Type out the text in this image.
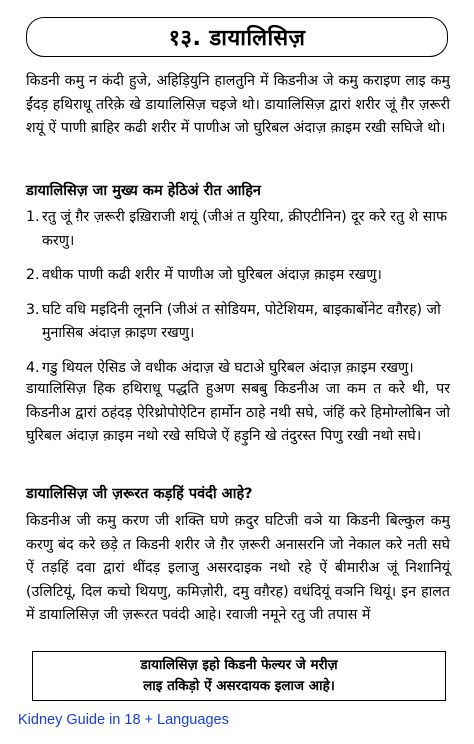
१३. डायालिसिज़

किडनी कमु न कंदी हुजे, अहिड़ियुनि हालतुनि में किडनीअ जे कमु कराइण लाइ कमु ईंदड़ हथिराधू तरिक़े खे डायालिसिज़ चइजे थो। डायालिसिज़ द्वारां शरीर जूं ग़ैर ज़रूरी शयूं ऐं पाणी ब़ाहिर कढी शरीर में पाणीअ जो घुरिबल अंदाज़ क़ाइम रखी सघिजे थो।

डायालिसिज़ जा मुख्य कम हेठिअं रीत आहिन
1. रतु जूं ग़ैर ज़रूरी इख़िराजी शयूं (जीअं त युरिया, क्रीएटीनिन) दूर करे रतु शे साफ करणु।
2. वधीक पाणी कढी शरीर में पाणीअ जो घुरिबल अंदाज़ क़ाइम रखणु।
3. घटि वधि मइदिनी लूननि (जीअं त सोडियम, पोटेशियम, बाइकार्बोनेट वग़ैरह) जो मुनासिब अंदाज़ क़ाइण रखणु।
4. गडु थियल ऐसिड जे वधीक अंदाज़ खे घटाअे घुरिबल अंदाज़ क़ाइम रखणु।

डायालिसिज़ हिक हथिराधू पद्धति हुअण सबबु किडनीअ जा कम त करे थी, पर किडनीअ द्वारां ठहंदड़ ऐरिथ्रोपोऐटिन हार्मोन ठाहे नथी सघे, जंहिं करे हिमोग्लोबिन जो घुरिबल अंदाज़ क़ाइम नथो रखे सघिजे ऐं हड़ुनि खे तंदुरस्त पिणु रखी नथो सघे।

डायालिसिज़ जी ज़रूरत कड़हिं पवंदी आहे?

किडनीअ जी कमु करण जी शक्ति घणे क़दुर घटिजी वञे या किडनी बिल्कुल कमु करणु बंद करे छड़े त किडनी शरीर जे ग़ैर ज़रूरी अनासरनि जो नेकाल करे नती सघे ऐं तड़हिं दवा द्वारां थींदड़ इलाजु असरदाइक नथो रहे ऐं बीमारीअ जूं निशानियूं (उलिटियूं, दिल कचो थियणु, कमिज़ोरी, दमु वग़ैरह) वधंदियूं वञनि थियूं। इन हालत में डायालिसिज़ जी ज़रूरत पवंदी आहे। रवाजी नमूने रतु जी तपास में

डायालिसिज़ इहो किडनी फेल्यर जे मरीज़
लाइ तकिड़ो ऐं असरदायक इलाज आहे।
Kidney Guide in 18 + Languages
